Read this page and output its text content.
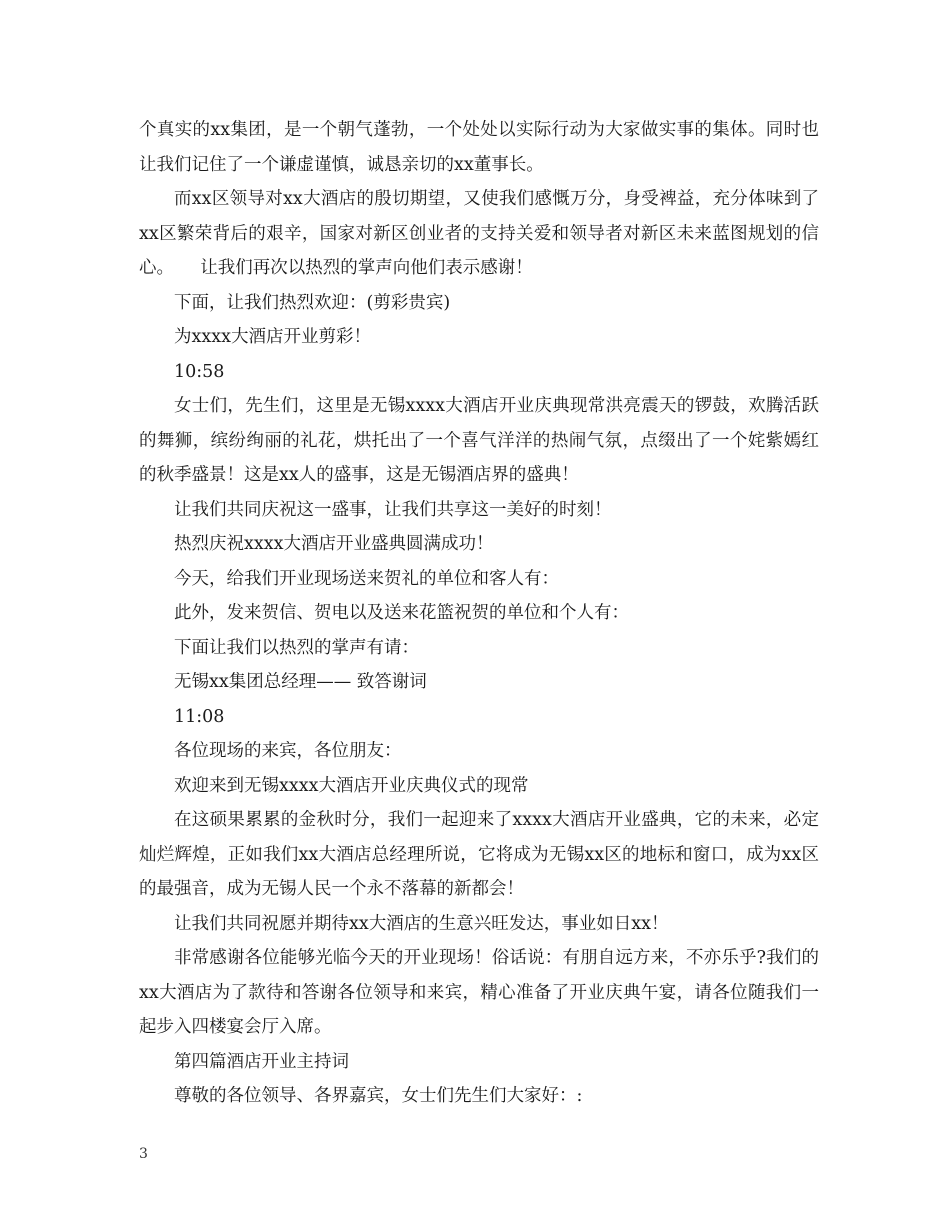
个真实的xx集团，是一个朝气蓬勃，一个处处以实际行动为大家做实事的集体。同时也让我们记住了一个谦虚谨慎，诚恳亲切的xx董事长。

而xx区领导对xx大酒店的殷切期望，又使我们感慨万分，身受裨益，充分体味到了xx区繁荣背后的艰辛，国家对新区创业者的支持关爱和领导者对新区未来蓝图规划的信心。　　让我们再次以热烈的掌声向他们表示感谢！

下面，让我们热烈欢迎：(剪彩贵宾)

为xxxx大酒店开业剪彩！

10:58

女士们，先生们，这里是无锡xxxx大酒店开业庆典现常洪亮震天的锣鼓，欢腾活跃的舞狮，缤纷绚丽的礼花，烘托出了一个喜气洋洋的热闹气氛，点缀出了一个姹紫嫣红的秋季盛景！这是xx人的盛事，这是无锡酒店界的盛典！

让我们共同庆祝这一盛事，让我们共享这一美好的时刻！

热烈庆祝xxxx大酒店开业盛典圆满成功！

今天，给我们开业现场送来贺礼的单位和客人有：

此外，发来贺信、贺电以及送来花篮祝贺的单位和个人有：

下面让我们以热烈的掌声有请：

无锡xx集团总经理—— 致答谢词

11:08

各位现场的来宾，各位朋友：

欢迎来到无锡xxxx大酒店开业庆典仪式的现常

在这硕果累累的金秋时分，我们一起迎来了xxxx大酒店开业盛典，它的未来，必定灿烂辉煌，正如我们xx大酒店总经理所说，它将成为无锡xx区的地标和窗口，成为xx区的最强音，成为无锡人民一个永不落幕的新都会！

让我们共同祝愿并期待xx大酒店的生意兴旺发达，事业如日xx！

非常感谢各位能够光临今天的开业现场！俗话说：有朋自远方来，不亦乐乎?我们的xx大酒店为了款待和答谢各位领导和来宾，精心准备了开业庆典午宴，请各位随我们一起步入四楼宴会厅入席。

第四篇酒店开业主持词

尊敬的各位领导、各界嘉宾，女士们先生们大家好：:

3
